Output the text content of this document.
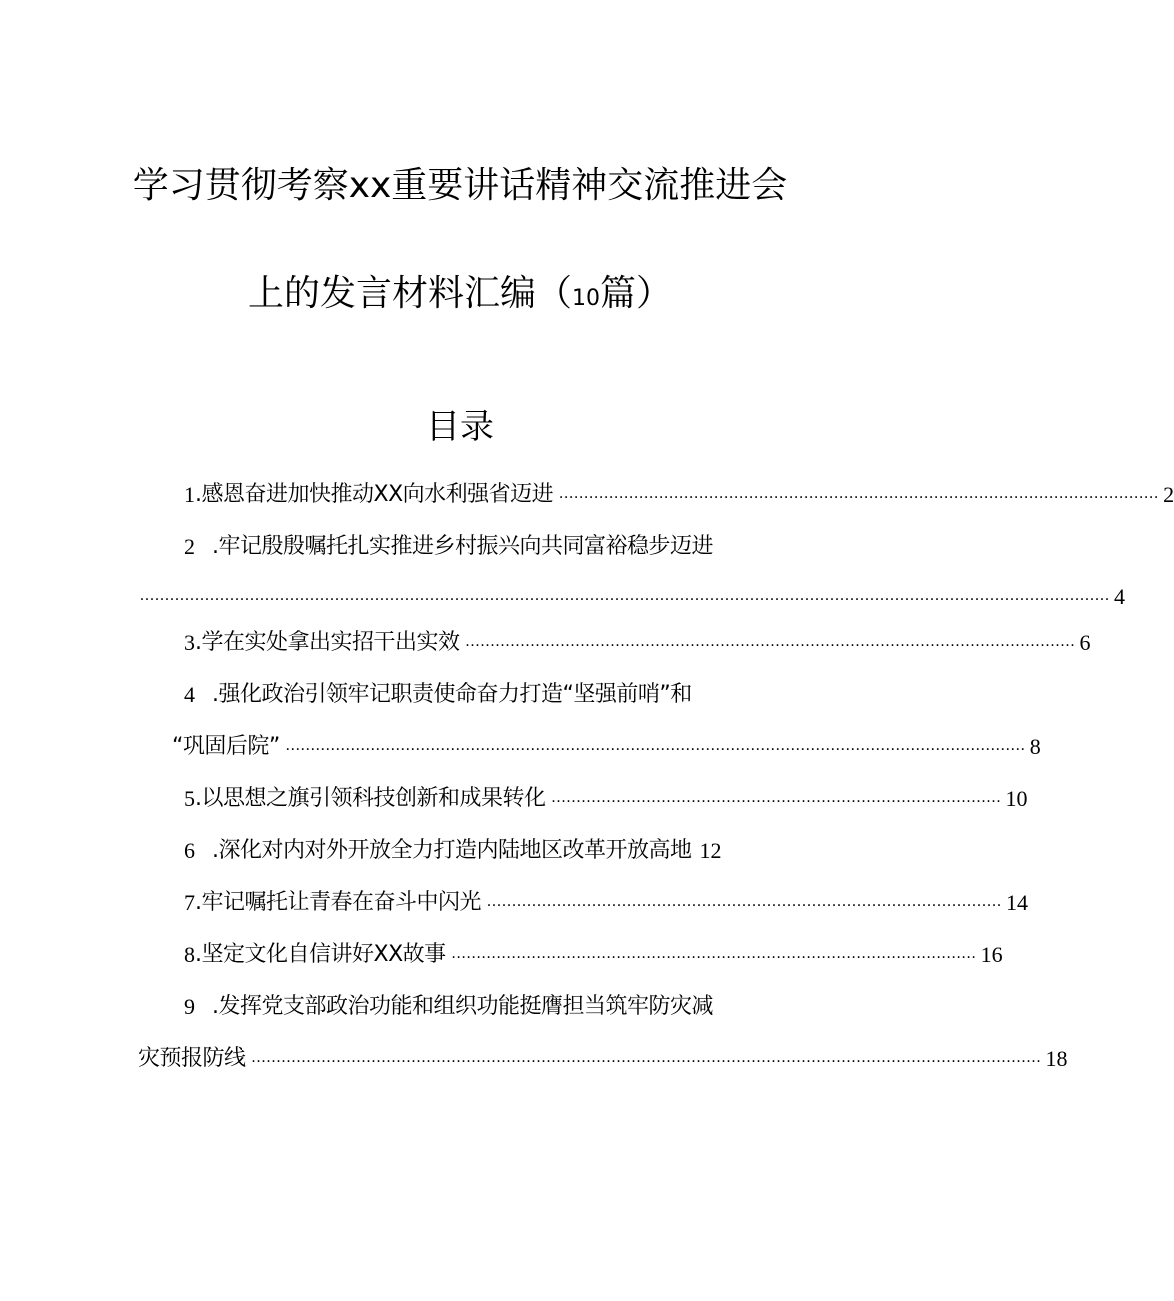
学习贯彻考察xx重要讲话精神交流推进会
上的发言材料汇编（10篇）
目录
1 .感恩奋进加快推动XX向水利强省迈进 ........................................................................................................................ 2
2 .牢记殷殷嘱托扎实推进乡村振兴向共同富裕稳步迈进
.................................................................................................................................................................................................. 4
3 .学在实处拿出实招干出实效 .......................................................................................................................... 6
4 .强化政治引领牢记职责使命奋力打造“坚强前哨”和
“巩固后院” .................................................................................................................................................... 8
5 .以思想之旗引领科技创新和成果转化 .......................................................................................... 10
6 .深化对内对外开放全力打造内陆地区改革开放高地 12
7 .牢记嘱托让青春在奋斗中闪光 ....................................................................................................... 14
8 .坚定文化自信讲好XX故事 ......................................................................................................... 16
9 .发挥党支部政治功能和组织功能挺膺担当筑牢防灾减
灾预报防线 .............................................................................................................................................................. 18
